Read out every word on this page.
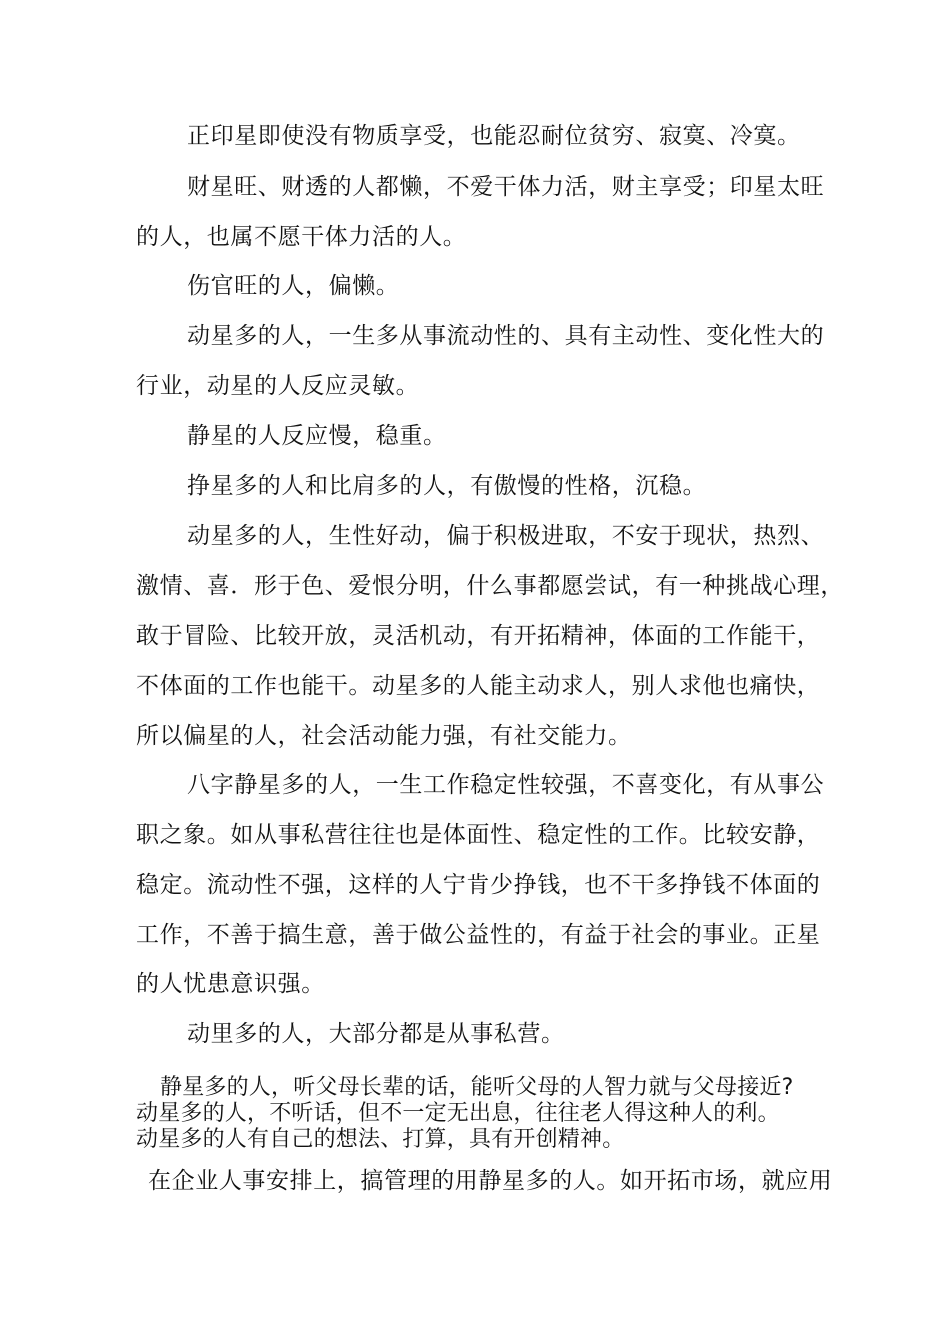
正印星即使没有物质享受，也能忍耐位贫穷、寂寞、冷寞。
财星旺、财透的人都懒，不爱干体力活，财主享受；印星太旺
的人，也属不愿干体力活的人。
伤官旺的人，偏懒。
动星多的人，一生多从事流动性的、具有主动性、变化性大的
行业，动星的人反应灵敏。
静星的人反应慢，稳重。
挣星多的人和比肩多的人，有傲慢的性格，沉稳。
动星多的人，生性好动，偏于积极进取，不安于现状，热烈、
激情、喜．形于色、爱恨分明，什么事都愿尝试，有一种挑战心理，
敢于冒险、比较开放，灵活机动，有开拓精神，体面的工作能干，
不体面的工作也能干。动星多的人能主动求人，别人求他也痛快，
所以偏星的人，社会活动能力强，有社交能力。
八字静星多的人，一生工作稳定性较强，不喜变化，有从事公
职之象。如从事私营往往也是体面性、稳定性的工作。比较安静，
稳定。流动性不强，这样的人宁肯少挣钱，也不干多挣钱不体面的
工作，不善于搞生意，善于做公益性的，有益于社会的事业。正星
的人忧患意识强。
动里多的人，大部分都是从事私营。
静星多的人，听父母长辈的话，能听父母的人智力就与父母接近?
动星多的人，不听话，但不一定无出息，往往老人得这种人的利。
动星多的人有自己的想法、打算，具有开创精神。
在企业人事安排上，搞管理的用静星多的人。如开拓市场，就应用
